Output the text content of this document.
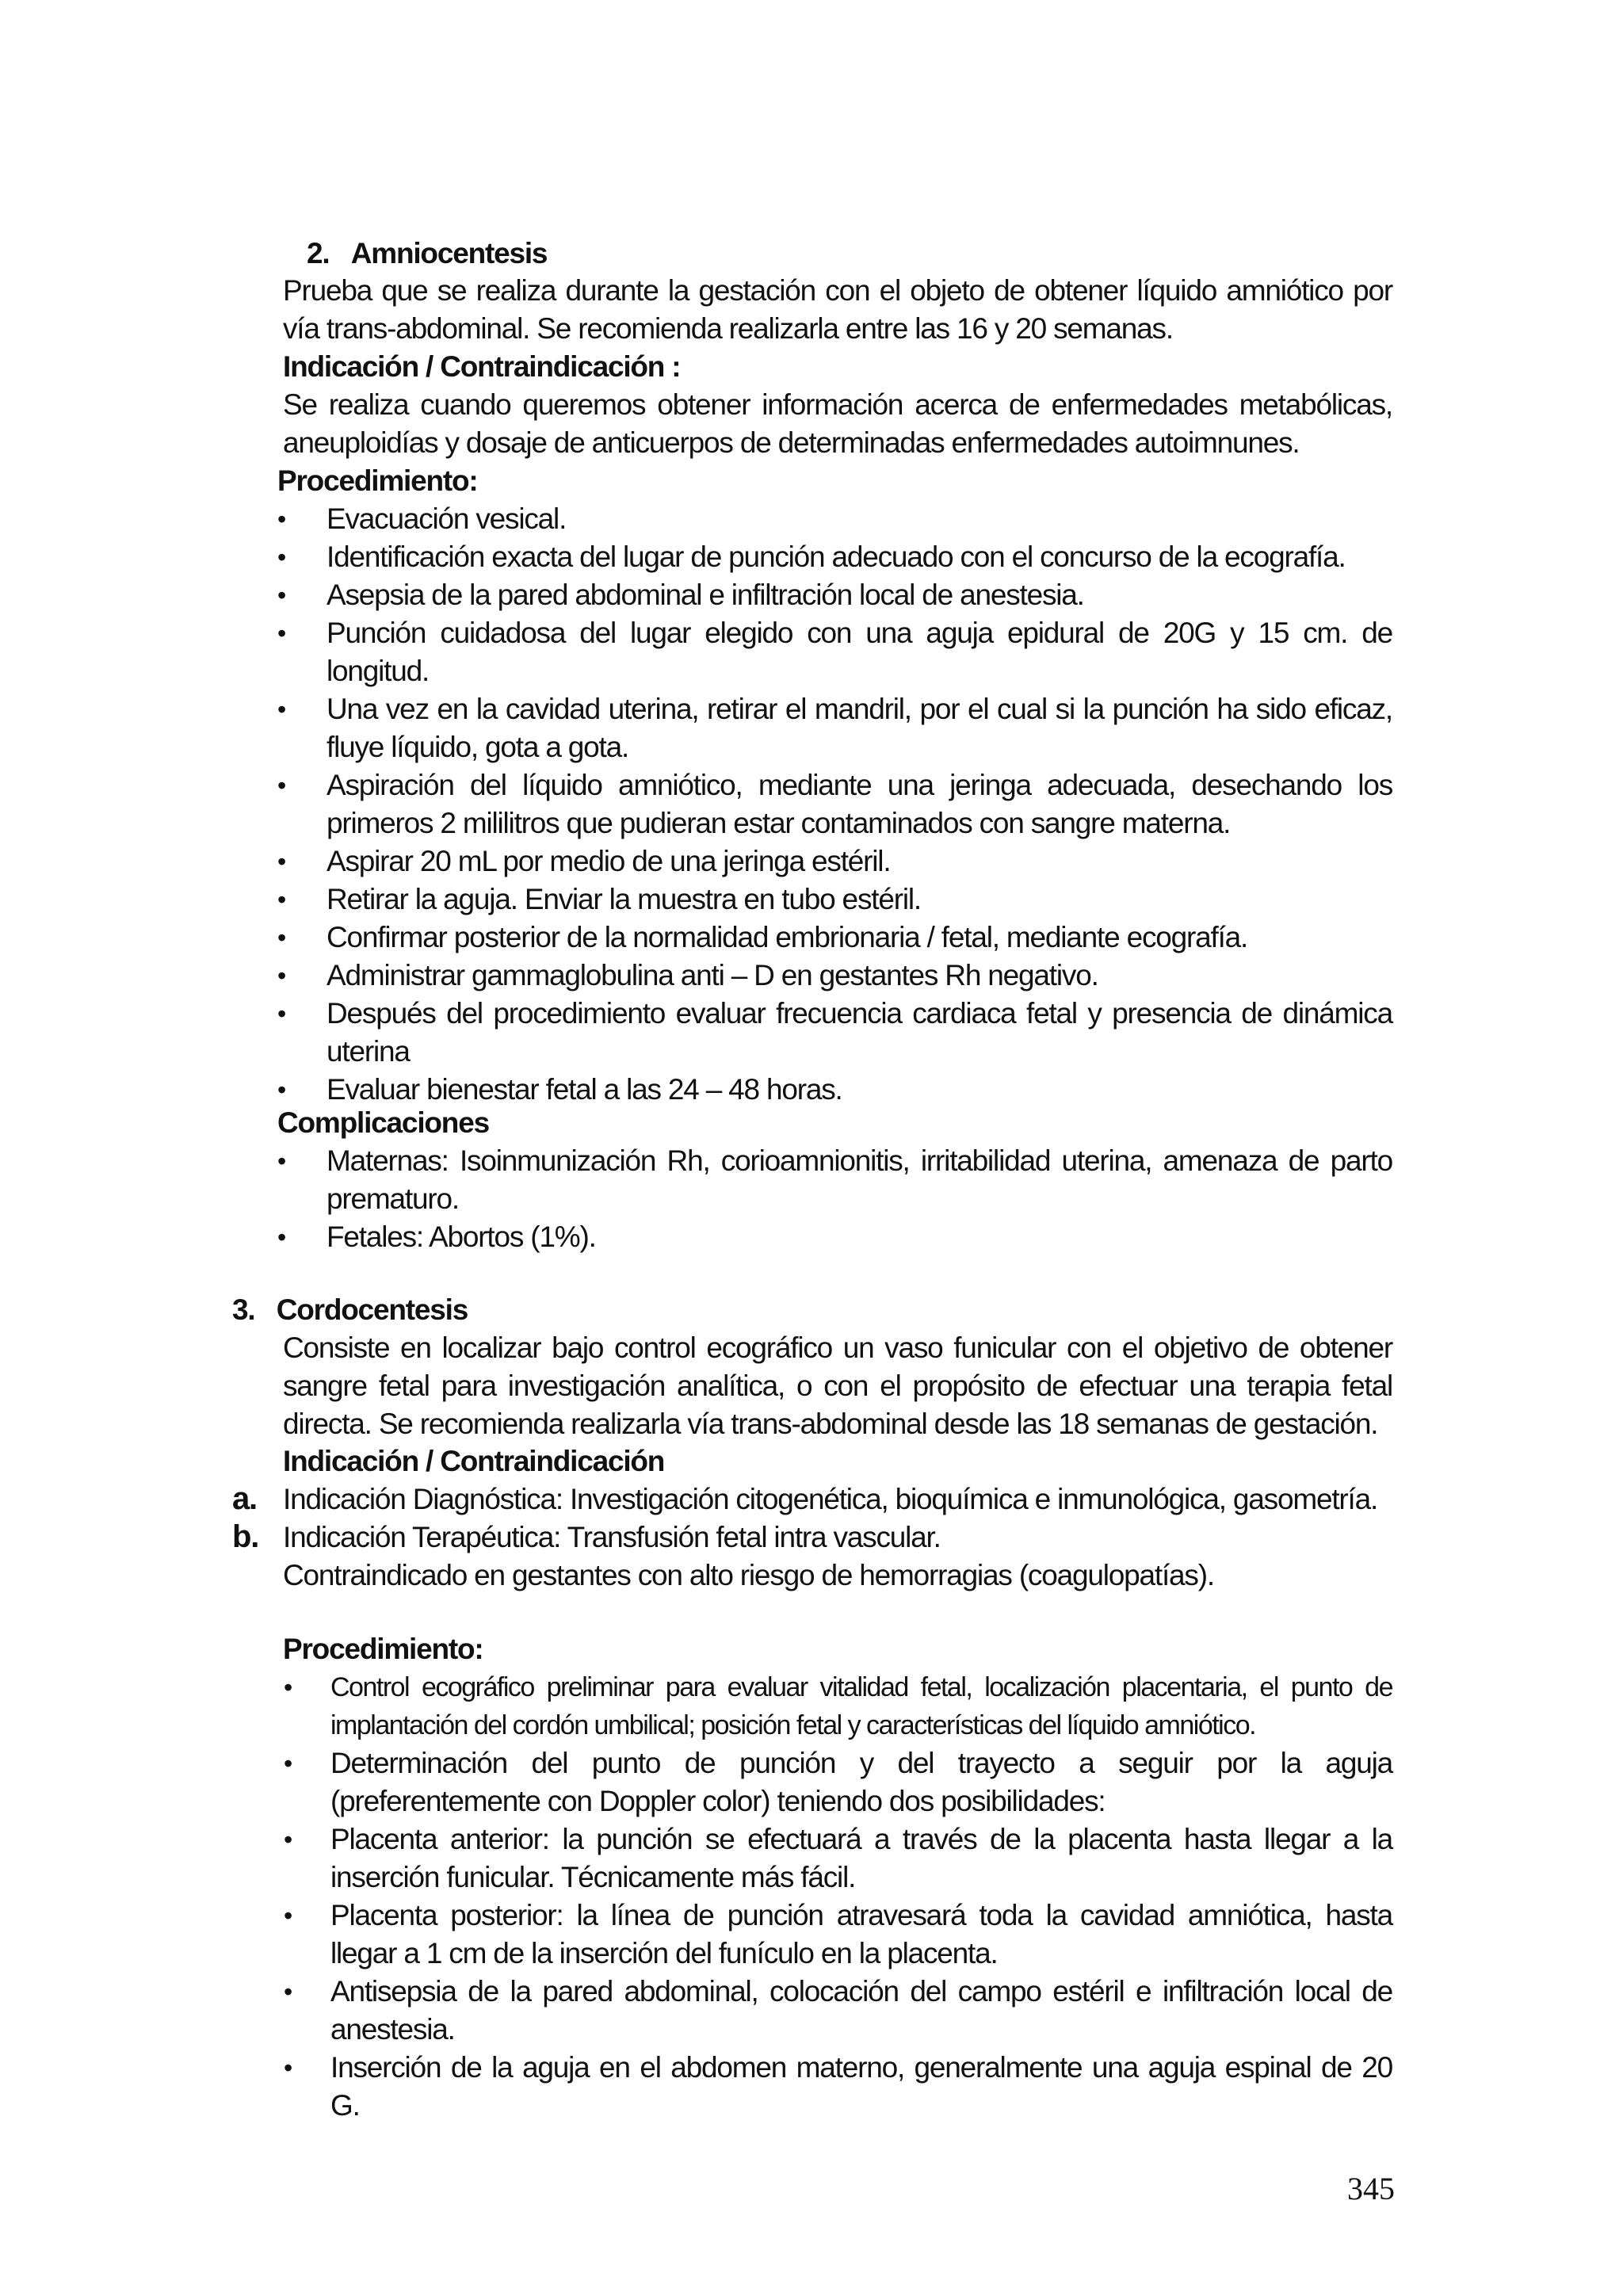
2. Amniocentesis

Prueba que se realiza durante la gestación con el objeto de obtener líquido amniótico por vía trans-abdominal. Se recomienda realizarla entre las 16 y 20 semanas.

Indicación / Contraindicación :

Se realiza cuando queremos obtener información acerca de enfermedades metabólicas, aneuploidías y dosaje de anticuerpos de determinadas enfermedades autoimnunes.

Procedimiento:
• Evacuación vesical.
• Identificación exacta del lugar de punción adecuado con el concurso de la ecografía.
• Asepsia de la pared abdominal e infiltración local de anestesia.
• Punción cuidadosa del lugar elegido con una aguja epidural de 20G y 15 cm. de longitud.
• Una vez en la cavidad uterina, retirar el mandril, por el cual si la punción ha sido eficaz, fluye líquido, gota a gota.
• Aspiración del líquido amniótico, mediante una jeringa adecuada, desechando los primeros 2 mililitros que pudieran estar contaminados con sangre materna.
• Aspirar 20 mL por medio de una jeringa estéril.
• Retirar la aguja. Enviar la muestra en tubo estéril.
• Confirmar posterior de la normalidad embrionaria / fetal, mediante ecografía.
• Administrar gammaglobulina anti – D en gestantes Rh negativo.
• Después del procedimiento evaluar frecuencia cardiaca fetal y presencia de dinámica uterina
• Evaluar bienestar fetal a las 24 – 48 horas.
Complicaciones
• Maternas: Isoinmunización Rh, corioamnionitis, irritabilidad uterina, amenaza de parto prematuro.
• Fetales: Abortos (1%).
3. Cordocentesis

Consiste en localizar bajo control ecográfico un vaso funicular con el objetivo de obtener sangre fetal para investigación analítica, o con el propósito de efectuar una terapia fetal directa. Se recomienda realizarla vía trans-abdominal desde las 18 semanas de gestación.

Indicación / Contraindicación
a. Indicación Diagnóstica: Investigación citogenética, bioquímica e inmunológica, gasometría.
b. Indicación Terapéutica: Transfusión fetal intra vascular.
Contraindicado en gestantes con alto riesgo de hemorragias (coagulopatías).
Procedimiento:
• Control ecográfico preliminar para evaluar vitalidad fetal, localización placentaria, el punto de implantación del cordón umbilical; posición fetal y características del líquido amniótico.
• Determinación del punto de punción y del trayecto a seguir por la aguja (preferentemente con Doppler color) teniendo dos posibilidades:
• Placenta anterior: la punción se efectuará a través de la placenta hasta llegar a la inserción funicular. Técnicamente más fácil.
• Placenta posterior: la línea de punción atravesará toda la cavidad amniótica, hasta llegar a 1 cm de la inserción del funículo en la placenta.
• Antisepsia de la pared abdominal, colocación del campo estéril e infiltración local de anestesia.
• Inserción de la aguja en el abdomen materno, generalmente una aguja espinal de 20 G.
345
